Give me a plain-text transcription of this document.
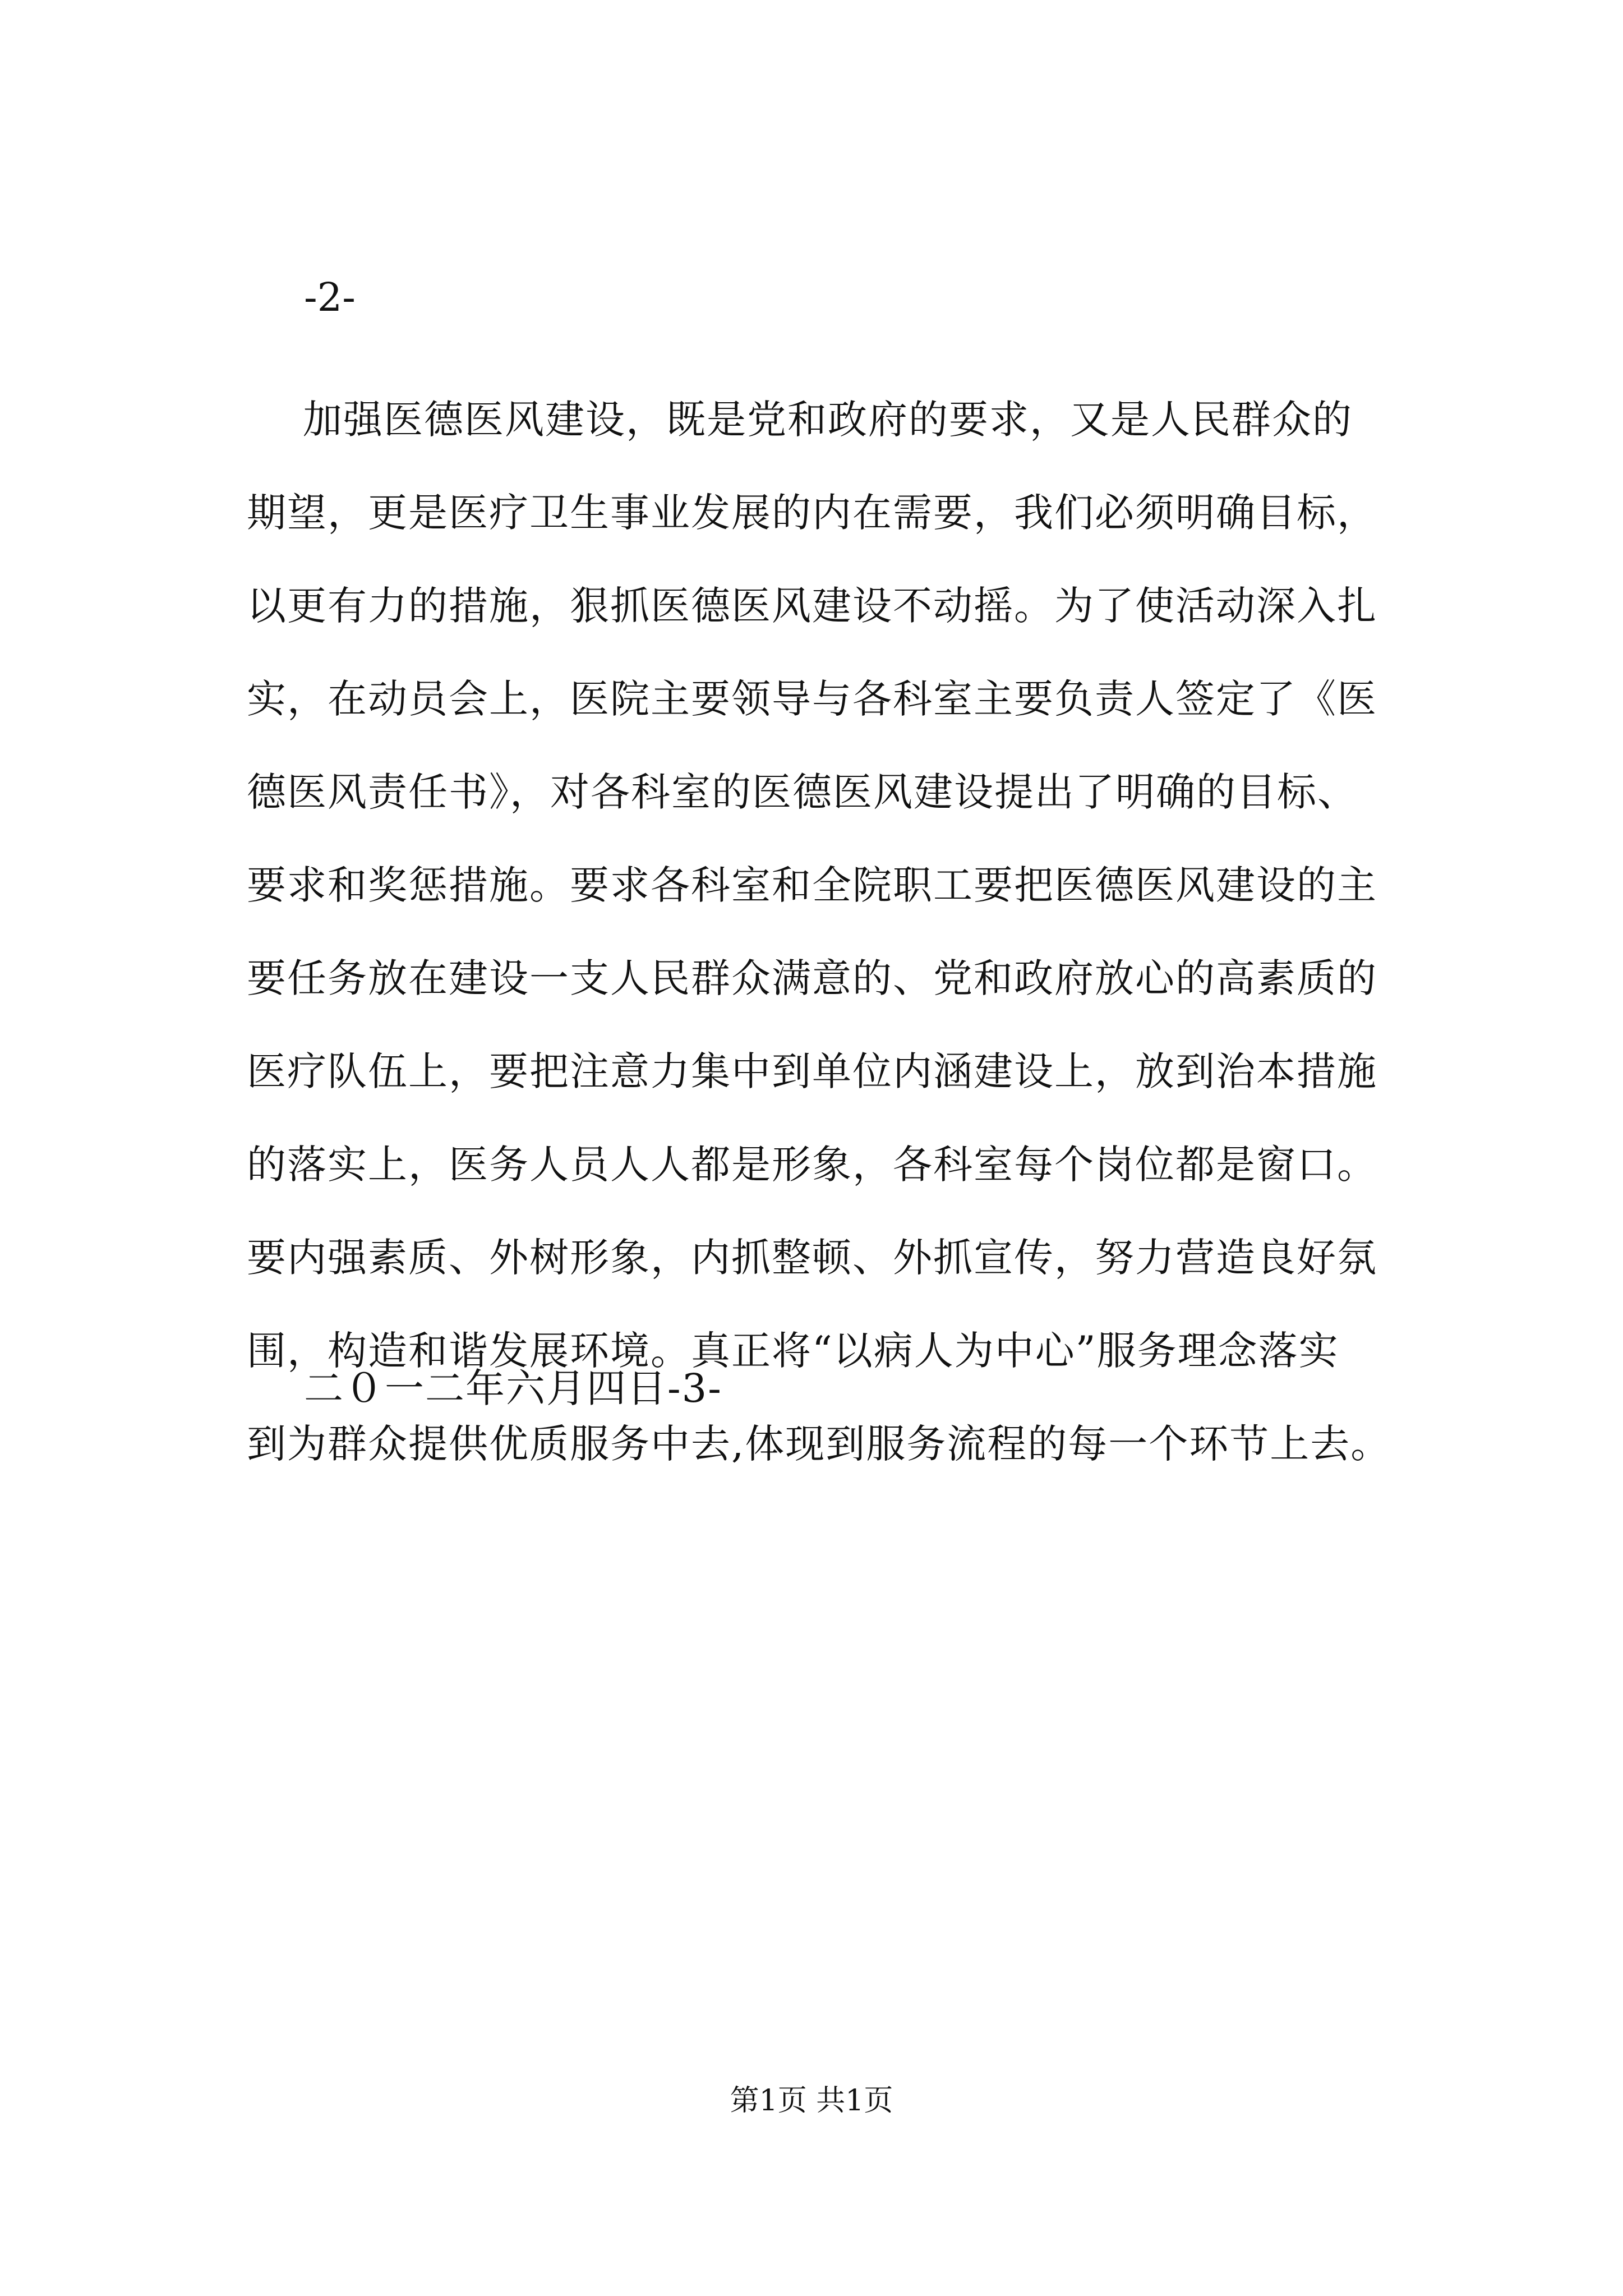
-2-
加强医德医风建设，既是党和政府的要求，又是人民群众的
期望，更是医疗卫生事业发展的内在需要，我们必须明确目标，
以更有力的措施，狠抓医德医风建设不动摇。为了使活动深入扎
实，在动员会上，医院主要领导与各科室主要负责人签定了《医
德医风责任书》，对各科室的医德医风建设提出了明确的目标、
要求和奖惩措施。要求各科室和全院职工要把医德医风建设的主
要任务放在建设一支人民群众满意的、党和政府放心的高素质的
医疗队伍上，要把注意力集中到单位内涵建设上，放到治本措施
的落实上，医务人员人人都是形象，各科室每个岗位都是窗口。
要内强素质、外树形象，内抓整顿、外抓宣传，努力营造良好氛
围，构造和谐发展环境。真正将“以病人为中心”服务理念落实
到为群众提供优质服务中去,体现到服务流程的每一个环节上去。
二０一二年六月四日-3-
第1页 共1页
